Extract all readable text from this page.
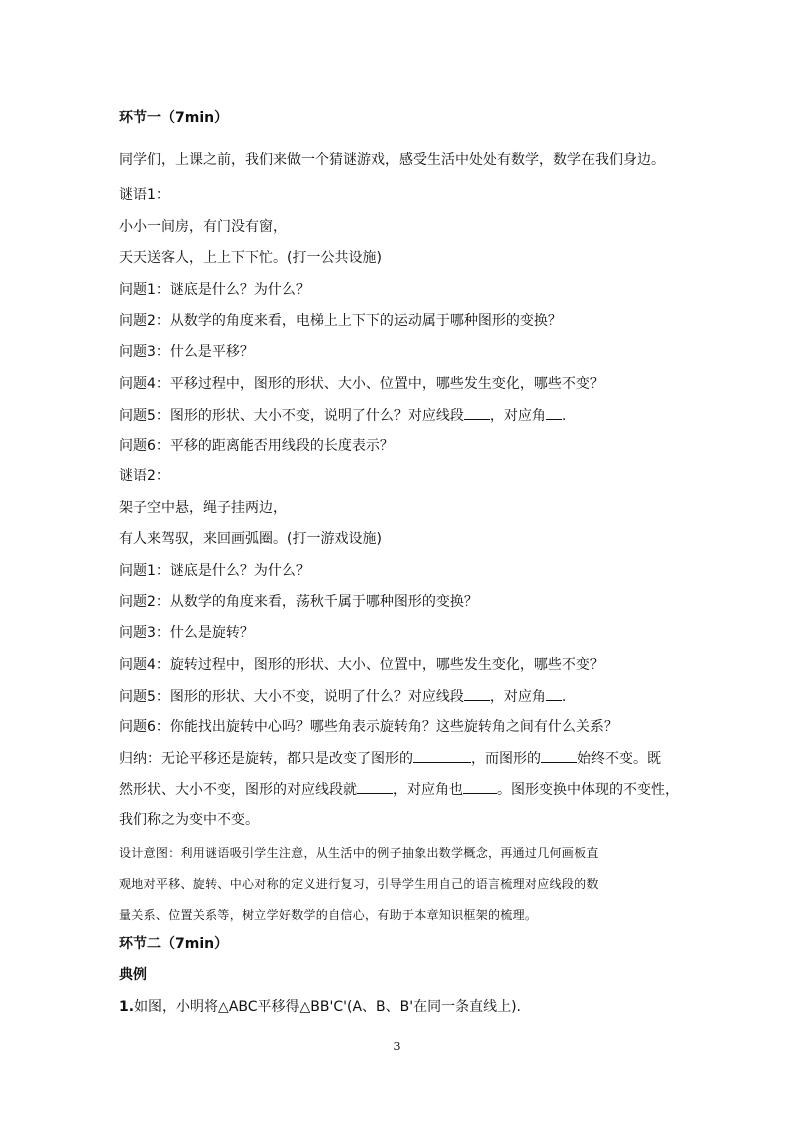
环节一（7min）
同学们，上课之前，我们来做一个猜谜游戏，感受生活中处处有数学，数学在我们身边。
谜语1：
小小一间房，有门没有窗，
天天送客人，上上下下忙。(打一公共设施)
问题1：谜底是什么？为什么？
问题2：从数学的角度来看，电梯上上下下的运动属于哪种图形的变换？
问题3：什么是平移？
问题4：平移过程中，图形的形状、大小、位置中，哪些发生变化，哪些不变？
问题5：图形的形状、大小不变，说明了什么？对应线段 ，对应角 .
问题6：平移的距离能否用线段的长度表示？
谜语2：
架子空中悬，绳子挂两边，
有人来驾驭，来回画弧圈。(打一游戏设施)
问题1：谜底是什么？为什么？
问题2：从数学的角度来看，荡秋千属于哪种图形的变换？
问题3：什么是旋转？
问题4：旋转过程中，图形的形状、大小、位置中，哪些发生变化，哪些不变？
问题5：图形的形状、大小不变，说明了什么？对应线段 ，对应角 .
问题6：你能找出旋转中心吗？哪些角表示旋转角？这些旋转角之间有什么关系？
归纳：无论平移还是旋转，都只是改变了图形的	，而图形的	始终不变。既
然形状、大小不变，图形的对应线段就	，对应角也 。图形变换中体现的不变性，
我们称之为变中不变。
设计意图：利用谜语吸引学生注意，从生活中的例子抽象出数学概念，再通过几何画板直
观地对平移、旋转、中心对称的定义进行复习，引导学生用自己的语言梳理对应线段的数
量关系、位置关系等，树立学好数学的自信心，有助于本章知识框架的梳理。
环节二（7min）
典例
1.如图，小明将△ABC平移得△BB'C'(A、B、B'在同一条直线上).
3
